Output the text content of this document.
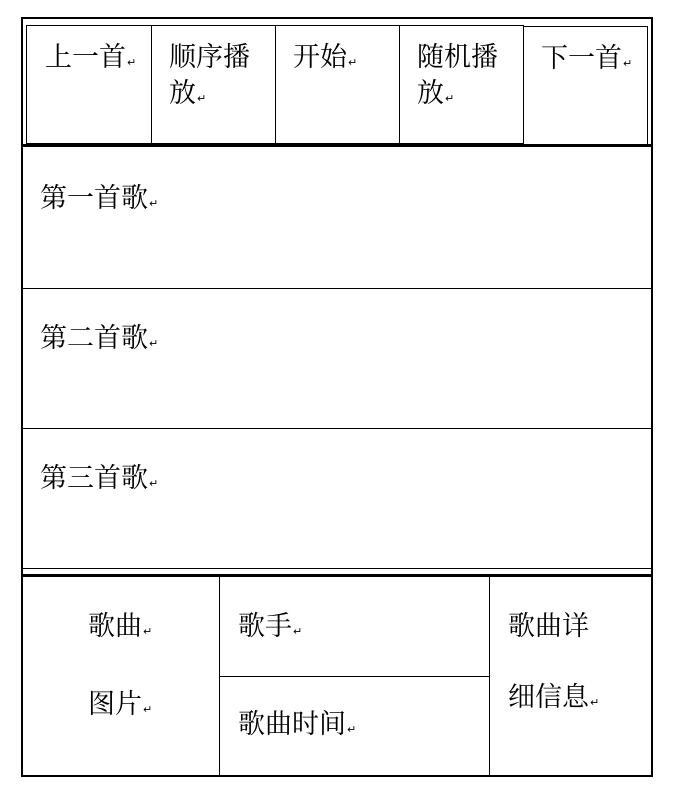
上一首↵ 顺序播
放↵
开始↵ 随机播
放↵
下一首↵
第一首歌↵
第二首歌↵
第三首歌↵
歌曲↵
图片↵
歌手↵
歌曲时间↵
歌曲详
细信息↵
